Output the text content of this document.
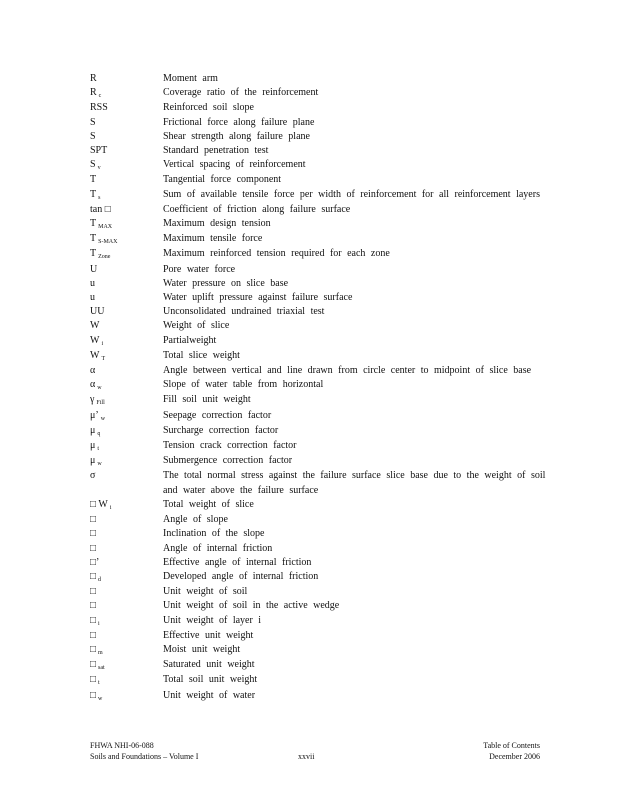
R	Moment arm
R $_c$	Coverage ratio of the reinforcement
RSS	Reinforced soil slope
S	Frictional force along failure plane
S	Shear strength along failure plane
SPT	Standard penetration test
S $_v$	Vertical spacing of reinforcement
T	Tangential force component
T $_s$	Sum of available tensile force per width of reinforcement for all reinforcement layers
tan □	Coefficient of friction along failure surface
T $_{MAX}$	Maximum design tension
T $_{S-MAX}$	Maximum tensile force
T $_{Zone}$	Maximum reinforced tension required for each zone
U	Pore water force
u	Water pressure on slice base
u	Water uplift pressure against failure surface
UU	Unconsolidated undrained triaxial test
W	Weight of slice
W $_i$	Partialweight
W $_T$	Total slice weight
α	Angle between vertical and line drawn from circle center to midpoint of slice base
α $_w$	Slope of water table from horizontal
γ $_{Fill}$	Fill soil unit weight
μ’ $_w$	Seepage correction factor
μ $_q$	Surcharge correction factor
μ $_t$	Tension crack correction factor
μ $_w$	Submergence correction factor
σ	The total normal stress against the failure surface slice base due to the weight of soil and water above the failure surface
□ W $_i$	Total weight of slice
□	Angle of slope
□	Inclination of the slope
□	Angle of internal friction
□’	Effective angle of internal friction
□ $_d$	Developed angle of internal friction
□	Unit weight of soil
□	Unit weight of soil in the active wedge
□ $_i$	Unit weight of layer i
□	Effective unit weight
□ $_m$	Moist unit weight
□ $_{sat}$	Saturated unit weight
□ $_t$	Total soil unit weight
□ $_w$	Unit weight of water
FHWA NHI-06-088	Table of Contents
Soils and Foundations – Volume I	December 2006
xxvii
